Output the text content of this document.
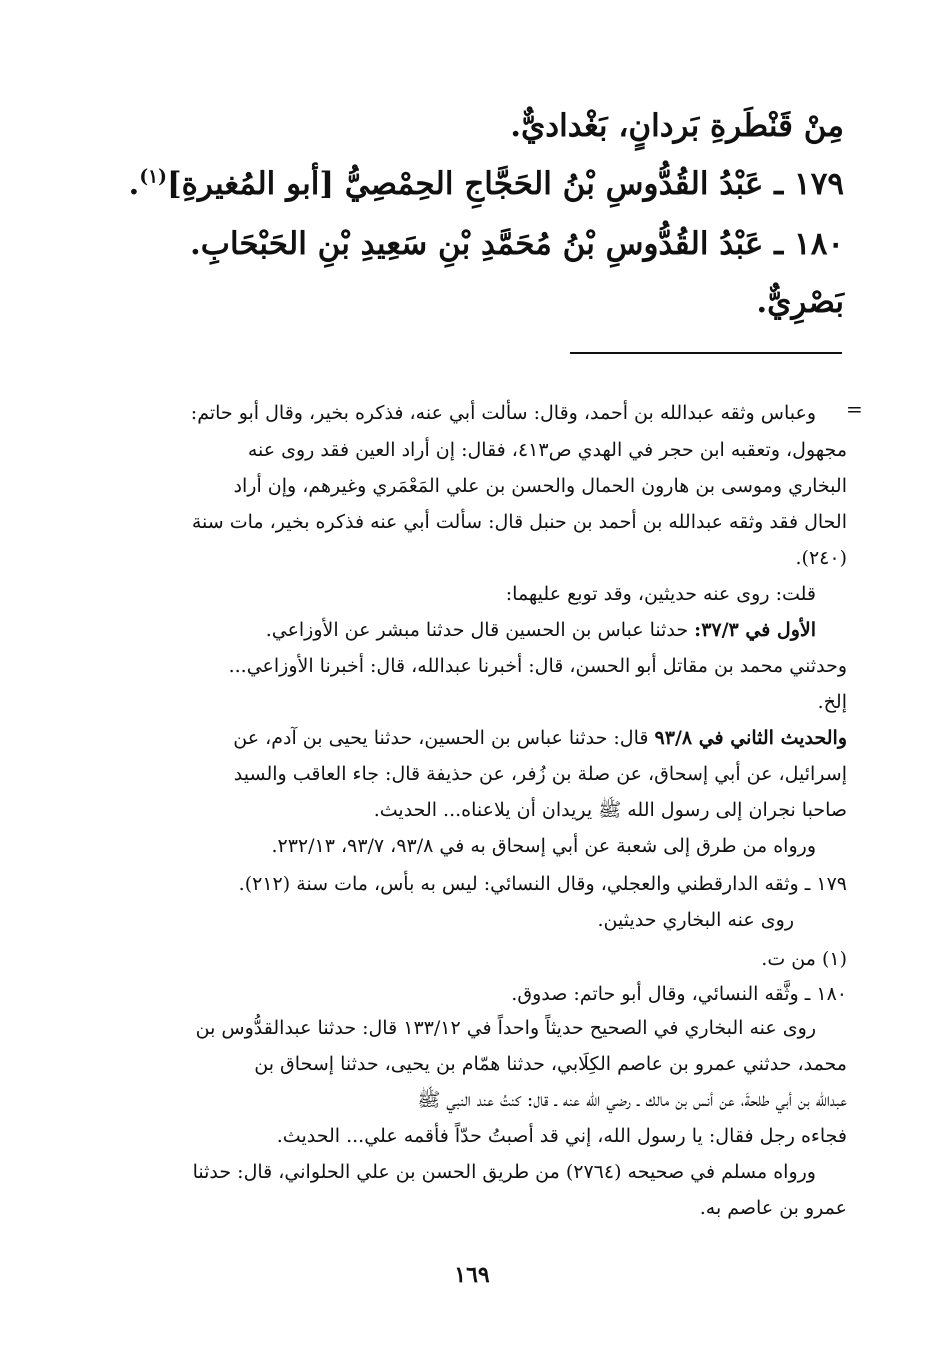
مِنْ قَنْطَرةِ بَردانٍ، بَغْداديٌّ.
١٧٩ ـ عَبْدُ القُدُّوسِ بْنُ الحَجَّاجِ الحِمْصِيُّ [أبو المُغيرةِ]$^{(١)}$.
١٨٠ ـ عَبْدُ القُدُّوسِ بْنُ مُحَمَّدِ بْنِ سَعِيدِ بْنِ الحَبْحَابِ.
بَصْرِيٌّ.
=
وعباس وثقه عبدالله بن أحمد، وقال: سألت أبي عنه، فذكره بخير، وقال أبو حاتم:
مجهول، وتعقبه ابن حجر في الهدي ص٤١٣، فقال: إن أراد العين فقد روى عنه
البخاري وموسى بن هارون الحمال والحسن بن علي المَعْمَري وغيرهم، وإن أراد
الحال فقد وثقه عبدالله بن أحمد بن حنبل قال: سألت أبي عنه فذكره بخير، مات سنة
(٢٤٠).
قلت: روى عنه حديثين، وقد توبع عليهما:
الأول في ٣٧/٣: حدثنا عباس بن الحسين قال حدثنا مبشر عن الأوزاعي.
وحدثني محمد بن مقاتل أبو الحسن، قال: أخبرنا عبدالله، قال: أخبرنا الأوزاعي...
إلخ.
والحديث الثاني في ٩٣/٨ قال: حدثنا عباس بن الحسين، حدثنا يحيى بن آدم، عن
إسرائيل، عن أبي إسحاق، عن صلة بن زُفر، عن حذيفة قال: جاء العاقب والسيد
صاحبا نجران إلى رسول الله ﷺ يريدان أن يلاعناه... الحديث.
ورواه من طرق إلى شعبة عن أبي إسحاق به في ٩٣/٨، ٩٣/٧، ٢٣٢/١٣.
١٧٩ ـ وثقه الدارقطني والعجلي، وقال النسائي: ليس به بأس، مات سنة (٢١٢).
روى عنه البخاري حديثين.
(١) من ت.
١٨٠ ـ وثَّقه النسائي، وقال أبو حاتم: صدوق.
روى عنه البخاري في الصحيح حديثاً واحداً في ١٣٣/١٢ قال: حدثنا عبدالقدُّوس بن
محمد، حدثني عمرو بن عاصم الكِلَابي، حدثنا همّام بن يحيى، حدثنا إسحاق بن
عبدالله بن أبي طلحةَ، عن أنس بن مالك ـ رضي الله عنه ـ قال: كنتُ عند النبي ﷺ
فجاءه رجل فقال: يا رسول الله، إني قد أصبتُ حدّاً فأقمه علي... الحديث.
ورواه مسلم في صحيحه (٢٧٦٤) من طريق الحسن بن علي الحلواني، قال: حدثنا
عمرو بن عاصم به.
١٦٩
